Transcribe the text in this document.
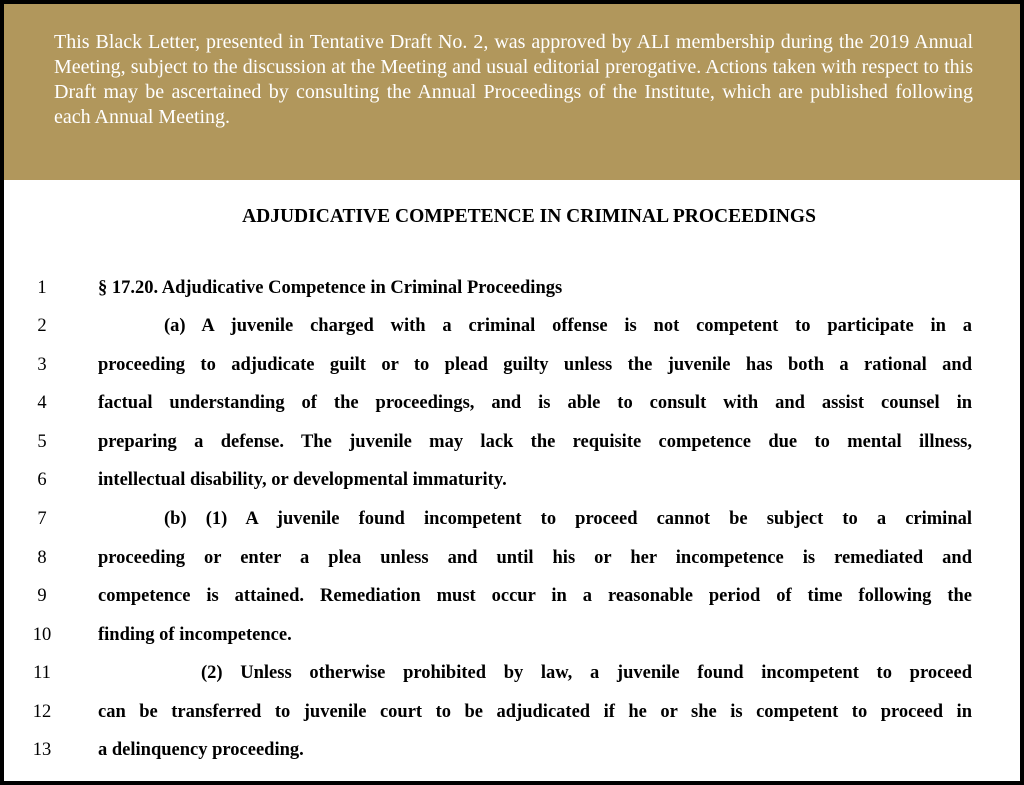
This Black Letter, presented in Tentative Draft No. 2, was approved by ALI membership during the 2019 Annual Meeting, subject to the discussion at the Meeting and usual editorial prerogative. Actions taken with respect to this Draft may be ascertained by consulting the Annual Proceedings of the Institute, which are published following each Annual Meeting.

ADJUDICATIVE COMPETENCE IN CRIMINAL PROCEEDINGS
1	§ 17.20. Adjudicative Competence in Criminal Proceedings
2	(a) A juvenile charged with a criminal offense is not competent to participate in a
3	proceeding to adjudicate guilt or to plead guilty unless the juvenile has both a rational and
4	factual understanding of the proceedings, and is able to consult with and assist counsel in
5	preparing a defense. The juvenile may lack the requisite competence due to mental illness,
6	intellectual disability, or developmental immaturity.
7	(b) (1) A juvenile found incompetent to proceed cannot be subject to a criminal
8	proceeding or enter a plea unless and until his or her incompetence is remediated and
9	competence is attained. Remediation must occur in a reasonable period of time following the
10	finding of incompetence.
11	(2) Unless otherwise prohibited by law, a juvenile found incompetent to proceed
12	can be transferred to juvenile court to be adjudicated if he or she is competent to proceed in
13	a delinquency proceeding.
